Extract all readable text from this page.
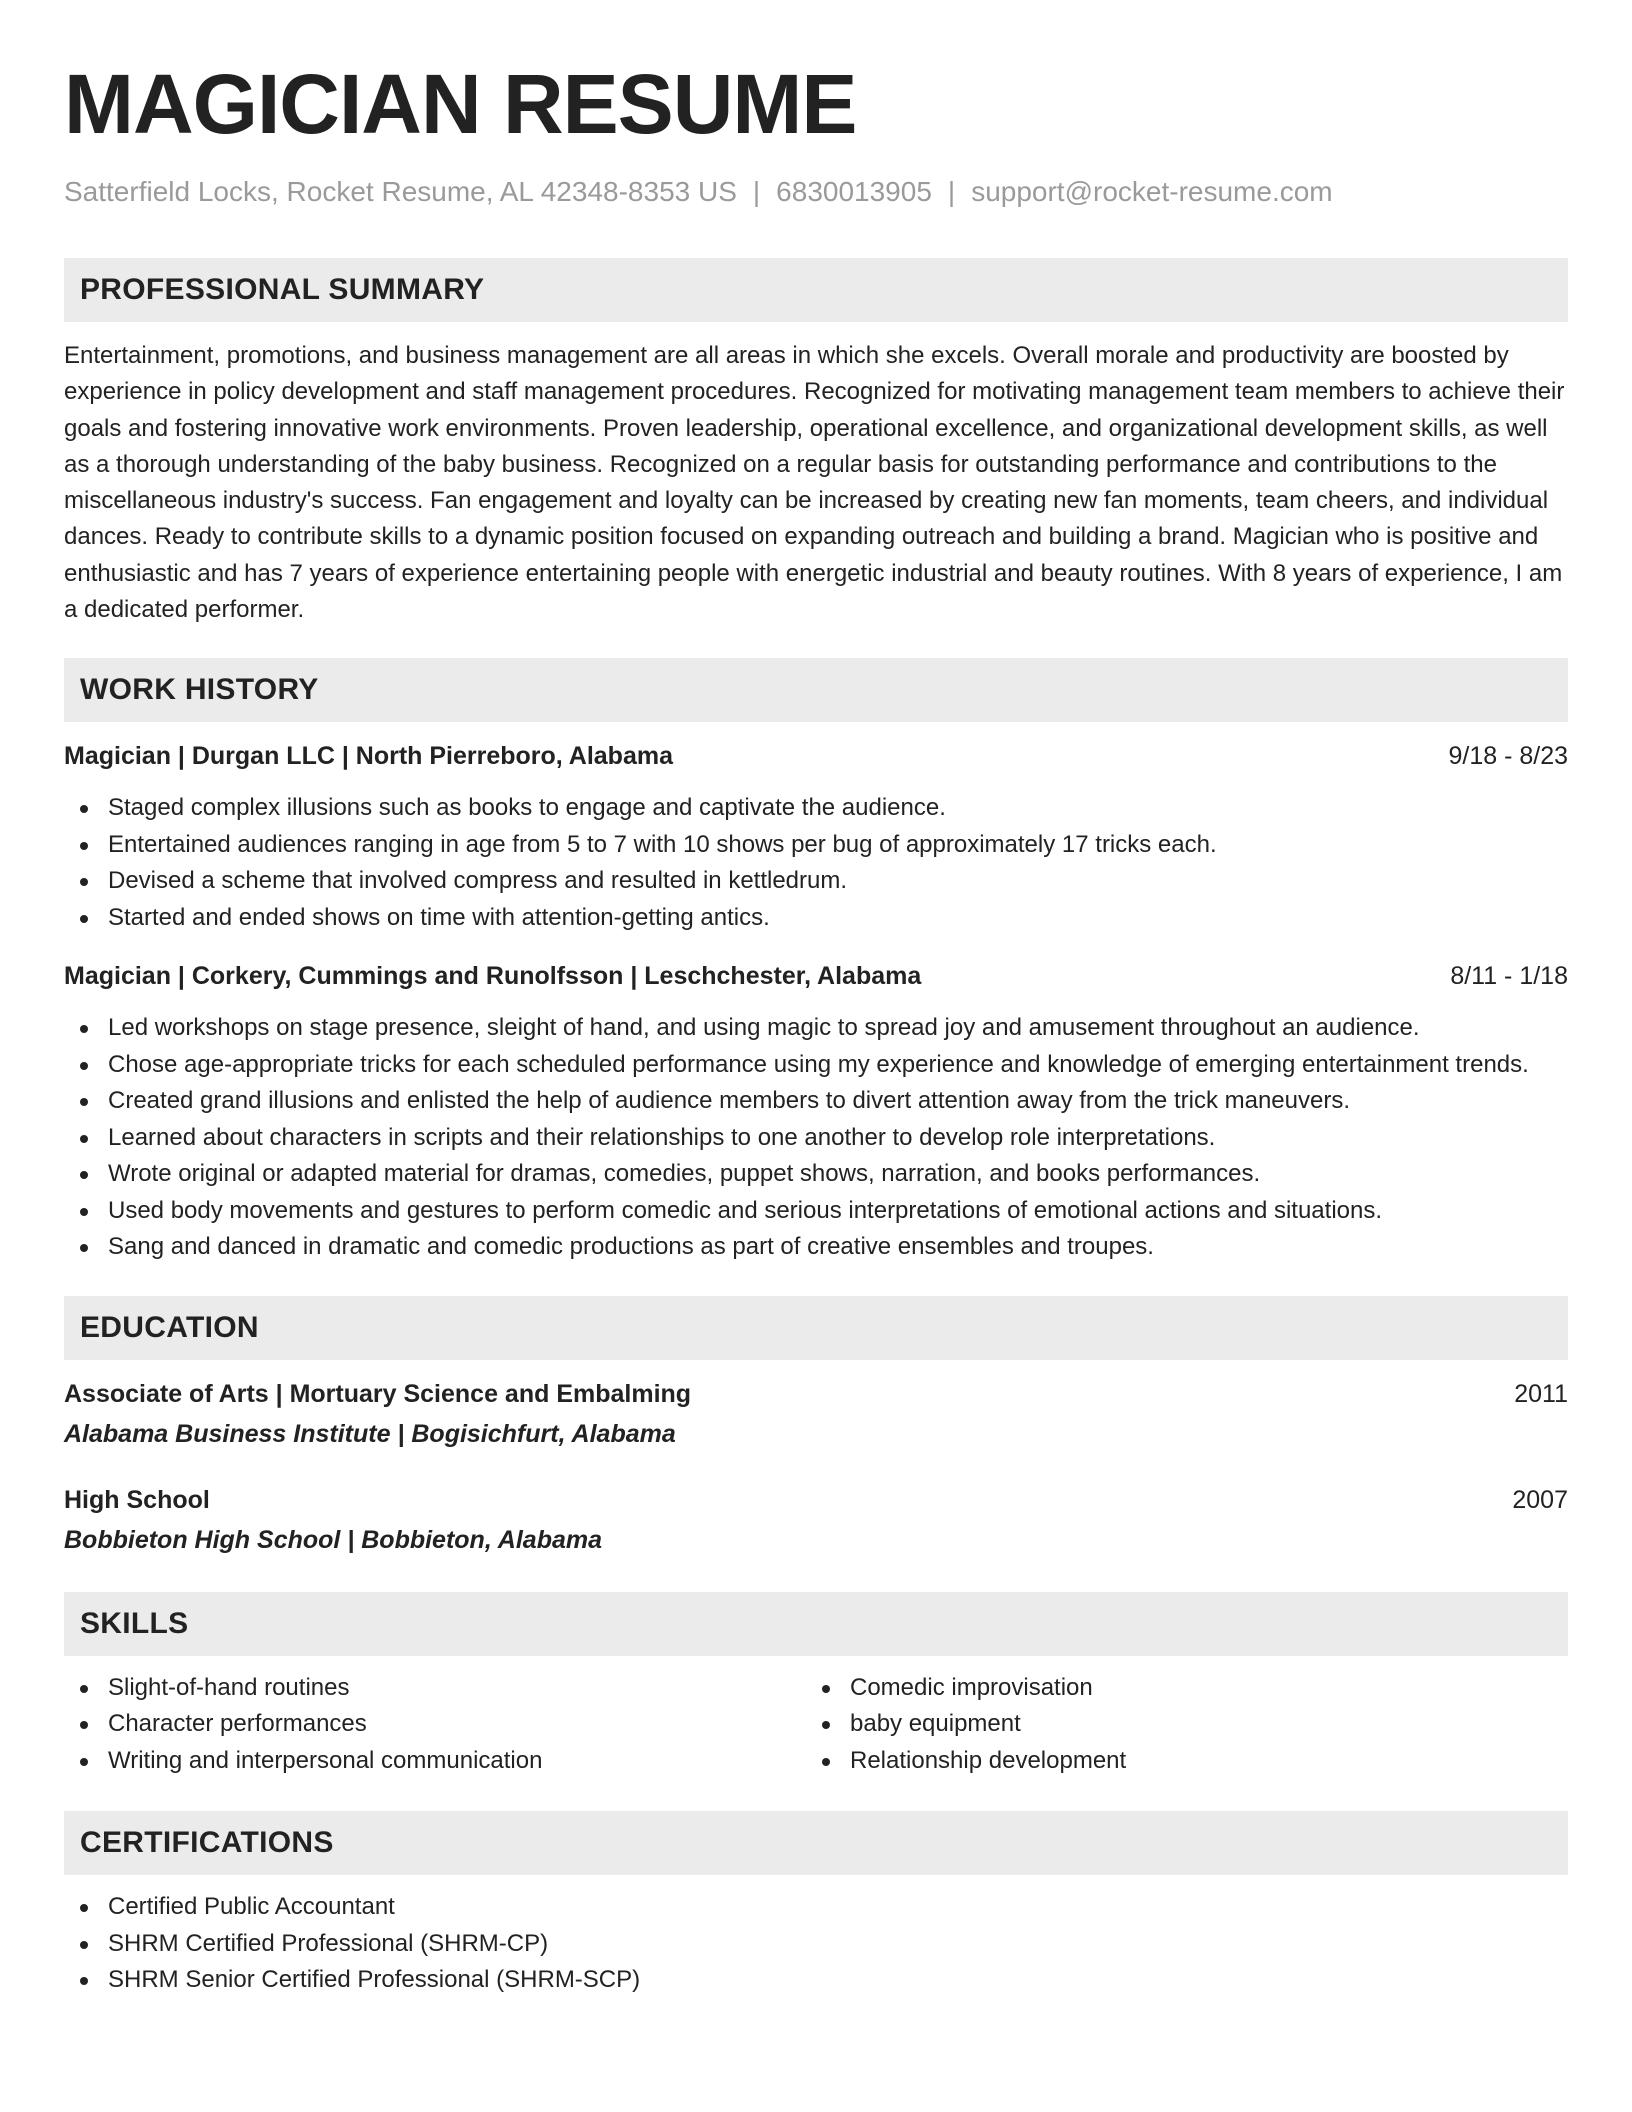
MAGICIAN RESUME
Satterfield Locks, Rocket Resume, AL 42348-8353 US | 6830013905 | support@rocket-resume.com
PROFESSIONAL SUMMARY
Entertainment, promotions, and business management are all areas in which she excels. Overall morale and productivity are boosted by experience in policy development and staff management procedures. Recognized for motivating management team members to achieve their goals and fostering innovative work environments. Proven leadership, operational excellence, and organizational development skills, as well as a thorough understanding of the baby business. Recognized on a regular basis for outstanding performance and contributions to the miscellaneous industry's success. Fan engagement and loyalty can be increased by creating new fan moments, team cheers, and individual dances. Ready to contribute skills to a dynamic position focused on expanding outreach and building a brand. Magician who is positive and enthusiastic and has 7 years of experience entertaining people with energetic industrial and beauty routines. With 8 years of experience, I am a dedicated performer.
WORK HISTORY
Magician | Durgan LLC | North Pierreboro, Alabama	9/18 - 8/23
Staged complex illusions such as books to engage and captivate the audience.
Entertained audiences ranging in age from 5 to 7 with 10 shows per bug of approximately 17 tricks each.
Devised a scheme that involved compress and resulted in kettledrum.
Started and ended shows on time with attention-getting antics.
Magician | Corkery, Cummings and Runolfsson | Leschchester, Alabama	8/11 - 1/18
Led workshops on stage presence, sleight of hand, and using magic to spread joy and amusement throughout an audience.
Chose age-appropriate tricks for each scheduled performance using my experience and knowledge of emerging entertainment trends.
Created grand illusions and enlisted the help of audience members to divert attention away from the trick maneuvers.
Learned about characters in scripts and their relationships to one another to develop role interpretations.
Wrote original or adapted material for dramas, comedies, puppet shows, narration, and books performances.
Used body movements and gestures to perform comedic and serious interpretations of emotional actions and situations.
Sang and danced in dramatic and comedic productions as part of creative ensembles and troupes.
EDUCATION
Associate of Arts | Mortuary Science and Embalming	2011
Alabama Business Institute | Bogisichfurt, Alabama
High School	2007
Bobbieton High School | Bobbieton, Alabama
SKILLS
Slight-of-hand routines
Character performances
Writing and interpersonal communication
Comedic improvisation
baby equipment
Relationship development
CERTIFICATIONS
Certified Public Accountant
SHRM Certified Professional (SHRM-CP)
SHRM Senior Certified Professional (SHRM-SCP)
